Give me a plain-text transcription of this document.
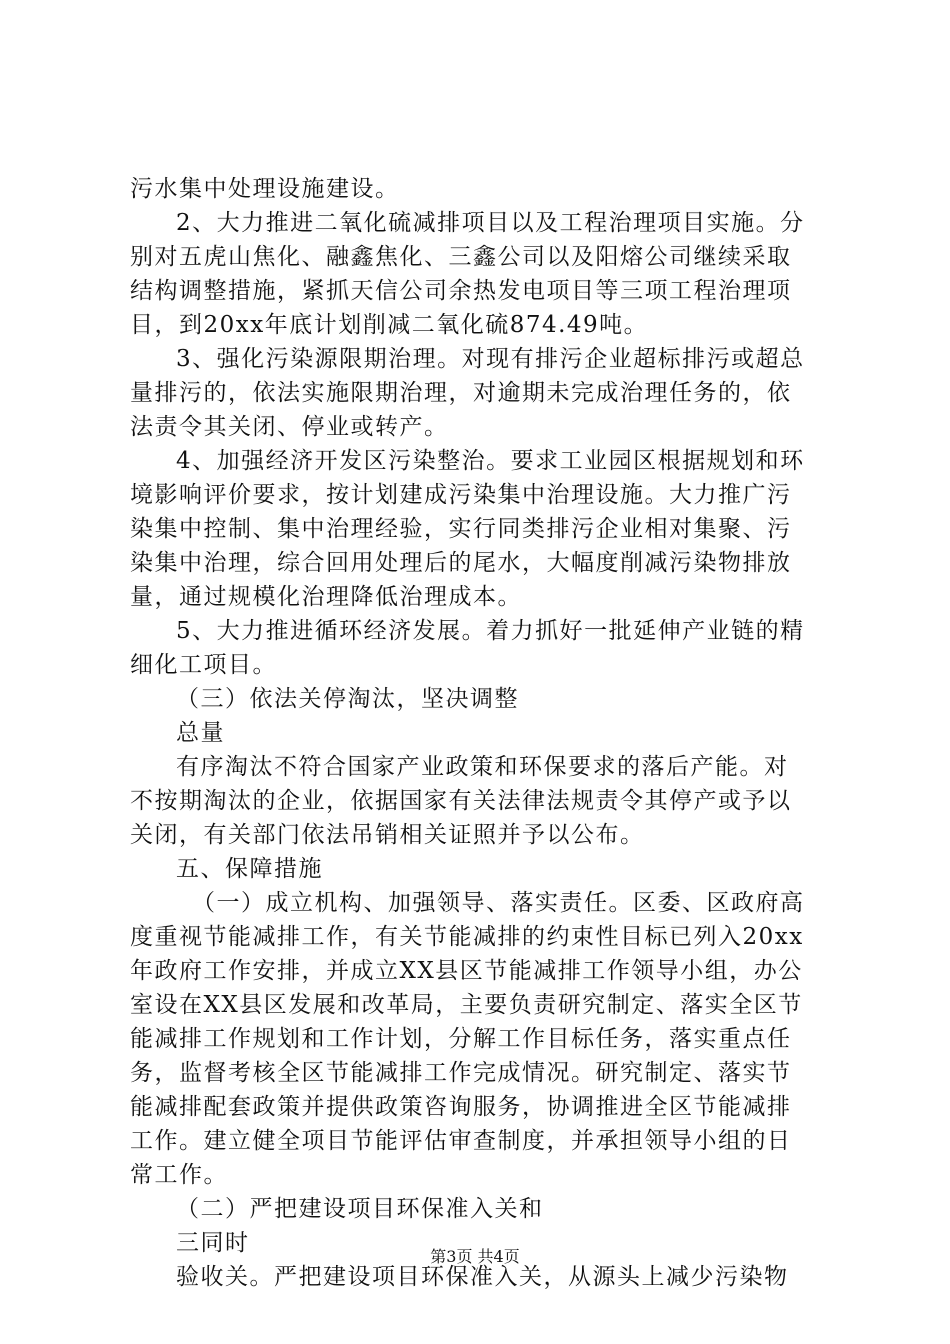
污水集中处理设施建设。
2、大力推进二氧化硫减排项目以及工程治理项目实施。分
别对五虎山焦化、融鑫焦化、三鑫公司以及阳熔公司继续采取
结构调整措施，紧抓天信公司余热发电项目等三项工程治理项
目，到20xx年底计划削减二氧化硫874.49吨。
3、强化污染源限期治理。对现有排污企业超标排污或超总
量排污的，依法实施限期治理，对逾期未完成治理任务的，依
法责令其关闭、停业或转产。
4、加强经济开发区污染整治。要求工业园区根据规划和环
境影响评价要求，按计划建成污染集中治理设施。大力推广污
染集中控制、集中治理经验，实行同类排污企业相对集聚、污
染集中治理，综合回用处理后的尾水，大幅度削减污染物排放
量，通过规模化治理降低治理成本。
5、大力推进循环经济发展。着力抓好一批延伸产业链的精
细化工项目。
（三）依法关停淘汰，坚决调整
总量
有序淘汰不符合国家产业政策和环保要求的落后产能。对
不按期淘汰的企业，依据国家有关法律法规责令其停产或予以
关闭，有关部门依法吊销相关证照并予以公布。
五、保障措施
（一）成立机构、加强领导、落实责任。区委、区政府高
度重视节能减排工作，有关节能减排的约束性目标已列入20xx
年政府工作安排，并成立XX县区节能减排工作领导小组，办公
室设在XX县区发展和改革局，主要负责研究制定、落实全区节
能减排工作规划和工作计划，分解工作目标任务，落实重点任
务，监督考核全区节能减排工作完成情况。研究制定、落实节
能减排配套政策并提供政策咨询服务，协调推进全区节能减排
工作。建立健全项目节能评估审查制度，并承担领导小组的日
常工作。
（二）严把建设项目环保准入关和
三同时
验收关。严把建设项目环保准入关，从源头上减少污染物
第3页 共4页
